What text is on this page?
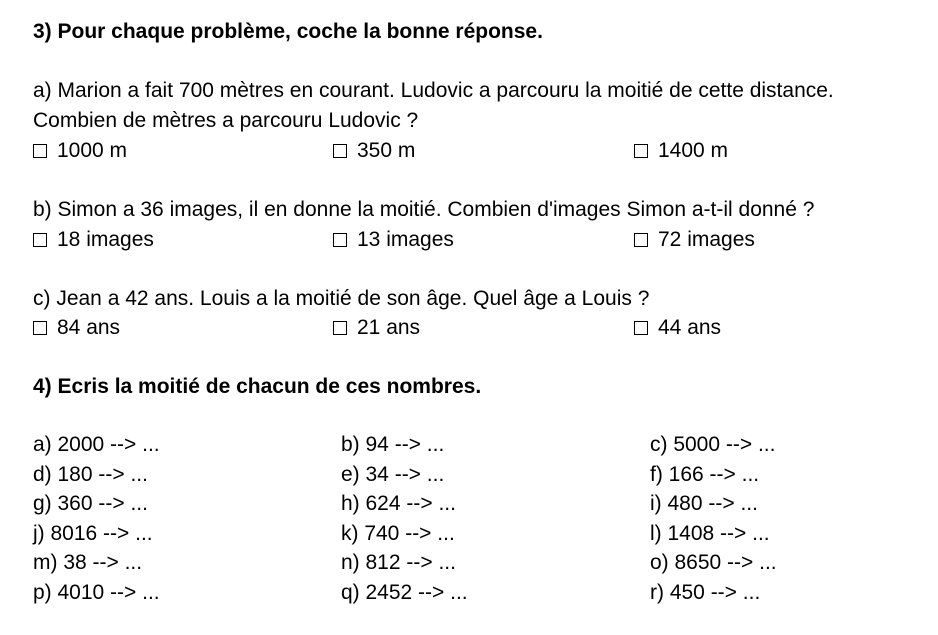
3) Pour chaque problème, coche la bonne réponse.
a) Marion a fait 700 mètres en courant. Ludovic a parcouru la moitié de cette distance.
Combien de mètres a parcouru Ludovic ?
1000 m	350 m	1400 m
b) Simon a 36 images, il en donne la moitié. Combien d'images Simon a-t-il donné ?
18 images	13 images	72 images
c) Jean a 42 ans. Louis a la moitié de son âge. Quel âge a Louis ?
84 ans	21 ans	44 ans
4) Ecris la moitié de chacun de ces nombres.
a) 2000 --> ...	b) 94 --> ...	c) 5000 --> ...
d) 180 --> ...	e) 34 --> ...	f) 166 --> ...
g) 360 --> ...	h) 624 --> ...	i) 480 --> ...
j) 8016 --> ...	k) 740 --> ...	l) 1408 --> ...
m) 38 --> ...	n) 812 --> ...	o) 8650 --> ...
p) 4010 --> ...	q) 2452 --> ...	r) 450 --> ...
